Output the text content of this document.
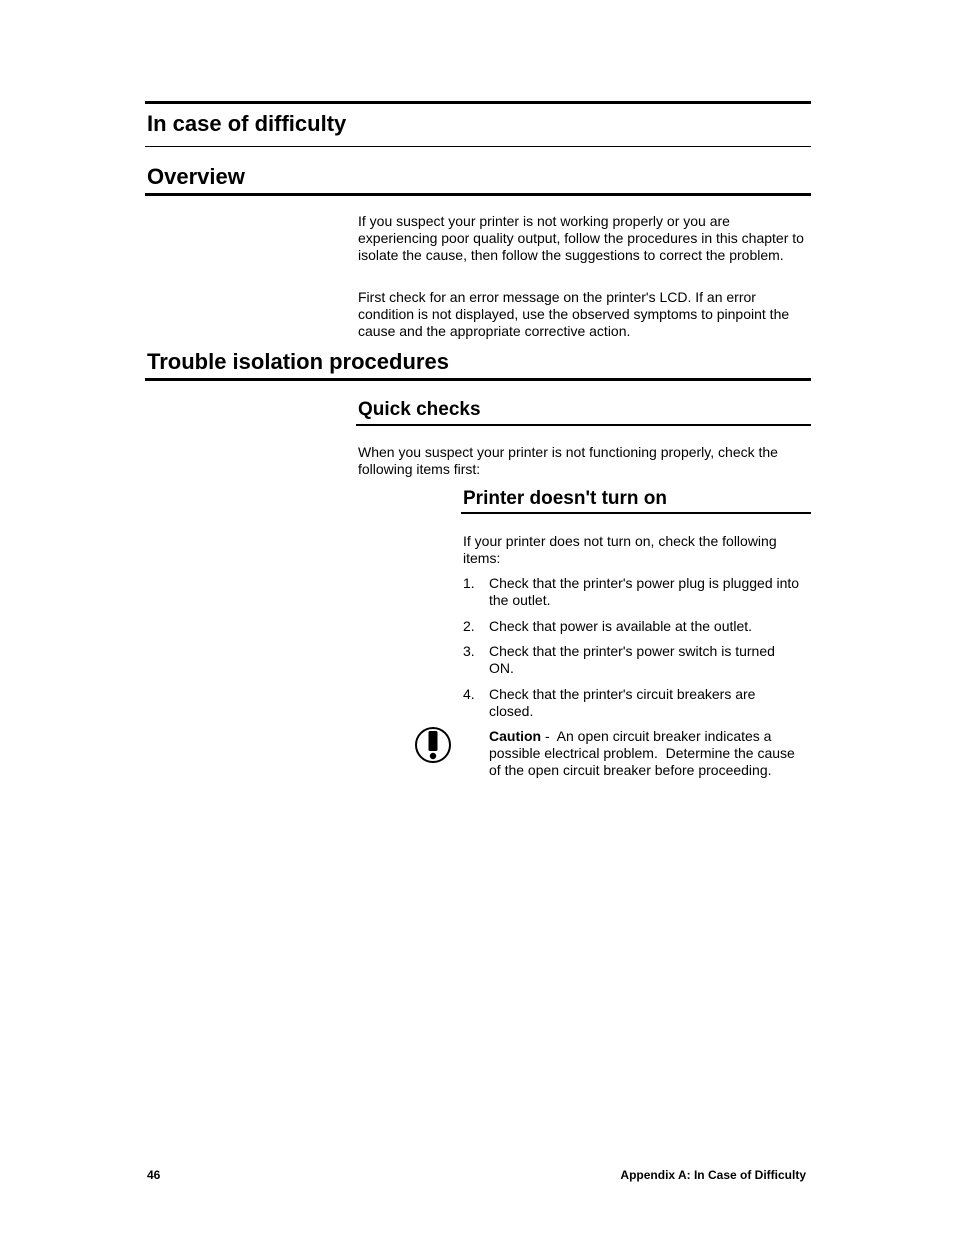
In case of difficulty
Overview
If you suspect your printer is not working properly or you are experiencing poor quality output, follow the procedures in this chapter to isolate the cause, then follow the suggestions to correct the problem.
First check for an error message on the printer's LCD. If an error condition is not displayed, use the observed symptoms to pinpoint the cause and the appropriate corrective action.
Trouble isolation procedures
Quick checks
When you suspect your printer is not functioning properly, check the following items first:
Printer doesn't turn on
If your printer does not turn on, check the following items:
1. Check that the printer's power plug is plugged into the outlet.
2. Check that power is available at the outlet.
3. Check that the printer's power switch is turned ON.
4. Check that the printer's circuit breakers are closed.
Caution -  An open circuit breaker indicates a possible electrical problem.  Determine the cause of the open circuit breaker before proceeding.
46	Appendix A: In Case of Difficulty
